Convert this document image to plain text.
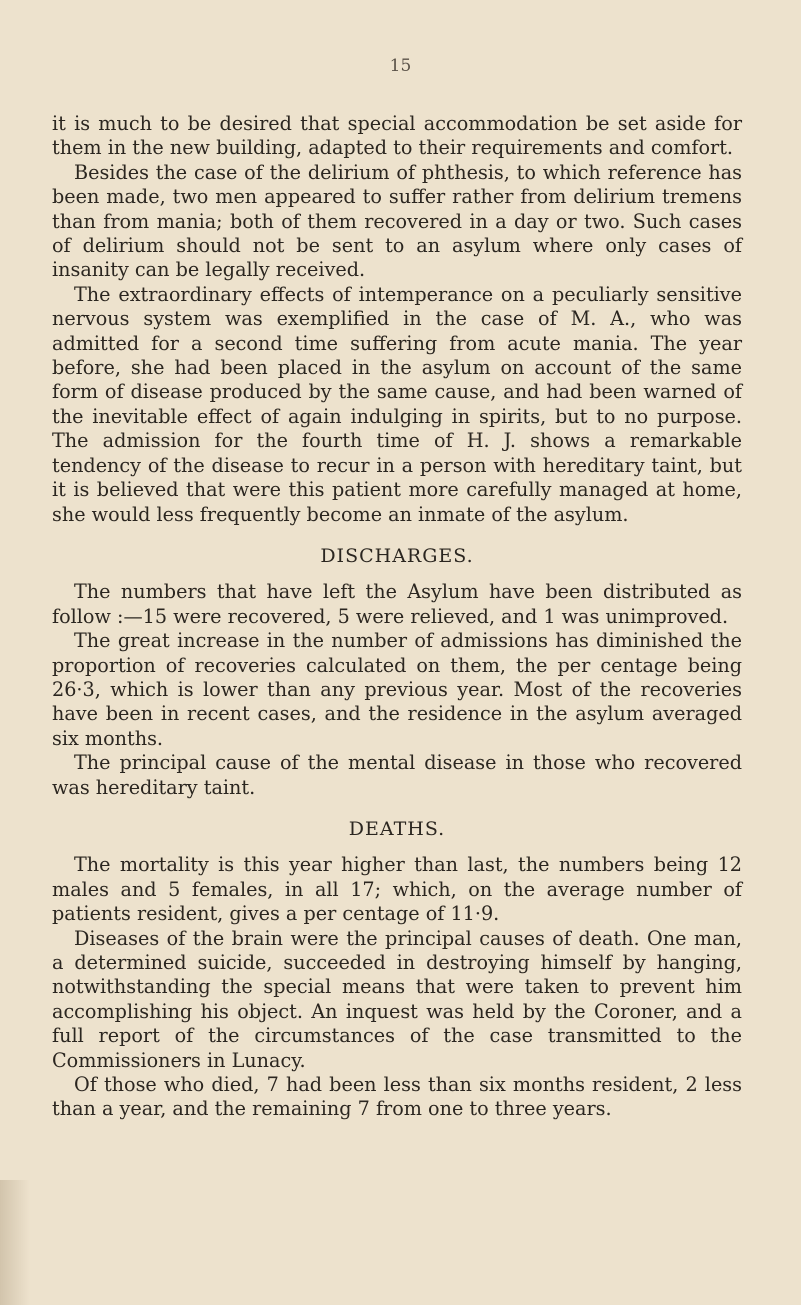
15

it is much to be desired that special accommodation be set aside for them in the new building, adapted to their requirements and comfort.

Besides the case of the delirium of phthesis, to which reference has been made, two men appeared to suffer rather from delirium tremens than from mania; both of them recovered in a day or two. Such cases of delirium should not be sent to an asylum where only cases of insanity can be legally received.

The extraordinary effects of intemperance on a peculiarly sensitive nervous system was exemplified in the case of M. A., who was admitted for a second time suffering from acute mania. The year before, she had been placed in the asylum on account of the same form of disease produced by the same cause, and had been warned of the inevitable effect of again indulging in spirits, but to no purpose. The admission for the fourth time of H. J. shows a remarkable tendency of the disease to recur in a person with hereditary taint, but it is believed that were this patient more carefully managed at home, she would less frequently become an inmate of the asylum.

DISCHARGES.

The numbers that have left the Asylum have been distributed as follow :—15 were recovered, 5 were relieved, and 1 was unimproved.

The great increase in the number of admissions has diminished the proportion of recoveries calculated on them, the per centage being 26·3, which is lower than any previous year. Most of the recoveries have been in recent cases, and the residence in the asylum averaged six months.

The principal cause of the mental disease in those who recovered was hereditary taint.

DEATHS.

The mortality is this year higher than last, the numbers being 12 males and 5 females, in all 17; which, on the average number of patients resident, gives a per centage of 11·9.

Diseases of the brain were the principal causes of death. One man, a determined suicide, succeeded in destroying himself by hanging, notwithstanding the special means that were taken to prevent him accomplishing his object. An inquest was held by the Coroner, and a full report of the circumstances of the case transmitted to the Commissioners in Lunacy.

Of those who died, 7 had been less than six months resident, 2 less than a year, and the remaining 7 from one to three years.
